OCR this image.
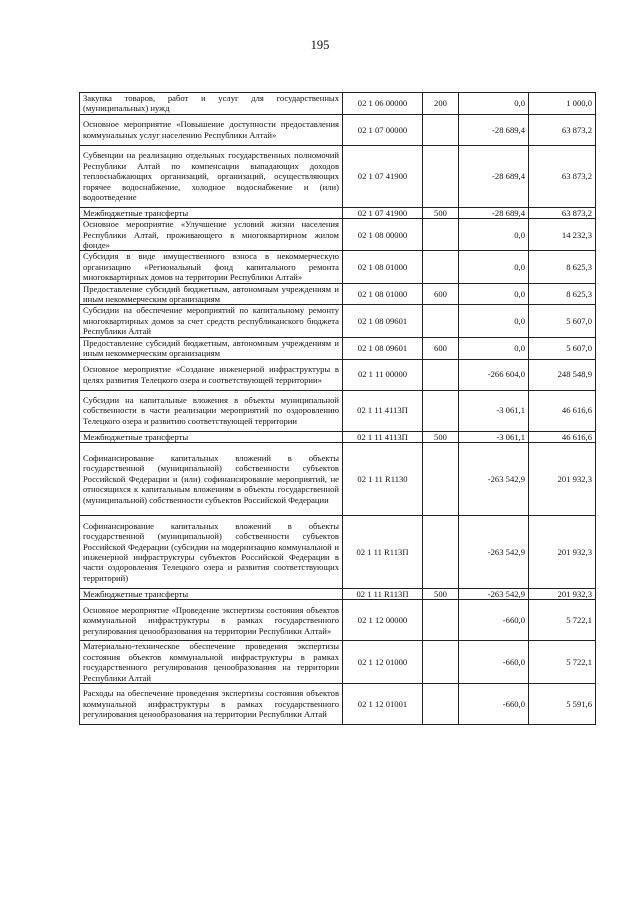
195
Закупка товаров, работ и услуг для государственных (муниципальных) нужд	02 1 06 00000	200	0,0	1 000,0
Основное мероприятие «Повышение доступности предоставления коммунальных услуг населению Республики Алтай»	02 1 07 00000		-28 689,4	63 873,2
Субвенции на реализацию отдельных государственных полномочий Республики Алтай по компенсации выпадающих доходов теплоснабжающих организаций, организаций, осуществляющих горячее водоснабжение, холодное водоснабжение и (или) водоотведение	02 1 07 41900		-28 689,4	63 873,2
Межбюджетные трансферты	02 1 07 41900	500	-28 689,4	63 873,2
Основное мероприятие «Улучшение условий жизни населения Республики Алтай, проживающего в многоквартирном жилом фонде»	02 1 08 00000		0,0	14 232,3
Субсидия в виде имущественного взноса в некоммерческую организацию «Региональный фонд капитального ремонта многоквартирных домов на территории Республики Алтай»	02 1 08 01000		0,0	8 625,3
Предоставление субсидий бюджетным, автономным учреждениям и иным некоммерческим организациям	02 1 08 01000	600	0,0	8 625,3
Субсидии на обеспечение мероприятий по капитальному ремонту многоквартирных домов за счет средств республиканского бюджета Республики Алтай	02 1 08 09601		0,0	5 607,0
Предоставление субсидий бюджетным, автономным учреждениям и иным некоммерческим организациям	02 1 08 09601	600	0,0	5 607,0
Основное мероприятие «Создание инженерной инфраструктуры в целях развития Телецкого озера и соответствующей территории»	02 1 11 00000		-266 604,0	248 548,9
Субсидии на капитальные вложения в объекты муниципальной собственности в части реализации мероприятий по оздоровлению Телецкого озера и развитию соответствующей территории	02 1 11 4113П		-3 061,1	46 616,6
Межбюджетные трансферты	02 1 11 4113П	500	-3 061,1	46 616,6
Софинансирование капитальных вложений в объекты государственной (муниципальной) собственности субъектов Российской Федерации и (или) софинансирование мероприятий, не относящихся к капитальным вложениям в объекты государственной (муниципальной) собственности субъектов Российской Федерации	02 1 11 R1130		-263 542,9	201 932,3
Софинансирование капитальных вложений в объекты государственной (муниципальной) собственности субъектов Российской Федерации (субсидии на модернизацию коммунальной и инженерной инфраструктуры субъектов Российской Федерации в части оздоровления Телецкого озера и развития соответствующих территорий)	02 1 11 R113П		-263 542,9	201 932,3
Межбюджетные трансферты	02 1 11 R113П	500	-263 542,9	201 932,3
Основное мероприятие «Проведение экспертизы состояния объектов коммунальной инфраструктуры в рамках государственного регулирования ценообразования на территории Республики Алтай»	02 1 12 00000		-660,0	5 722,1
Материально-техническое обеспечение проведения экспертизы состояния объектов коммунальной инфраструктуры в рамках государственного регулирования ценообразования на территории Республики Алтай	02 1 12 01000		-660,0	5 722,1
Расходы на обеспечение проведения экспертизы состояния объектов коммунальной инфраструктуры в рамках государственного регулирования ценообразования на территории Республики Алтай	02 1 12 01001		-660,0	5 591,6
